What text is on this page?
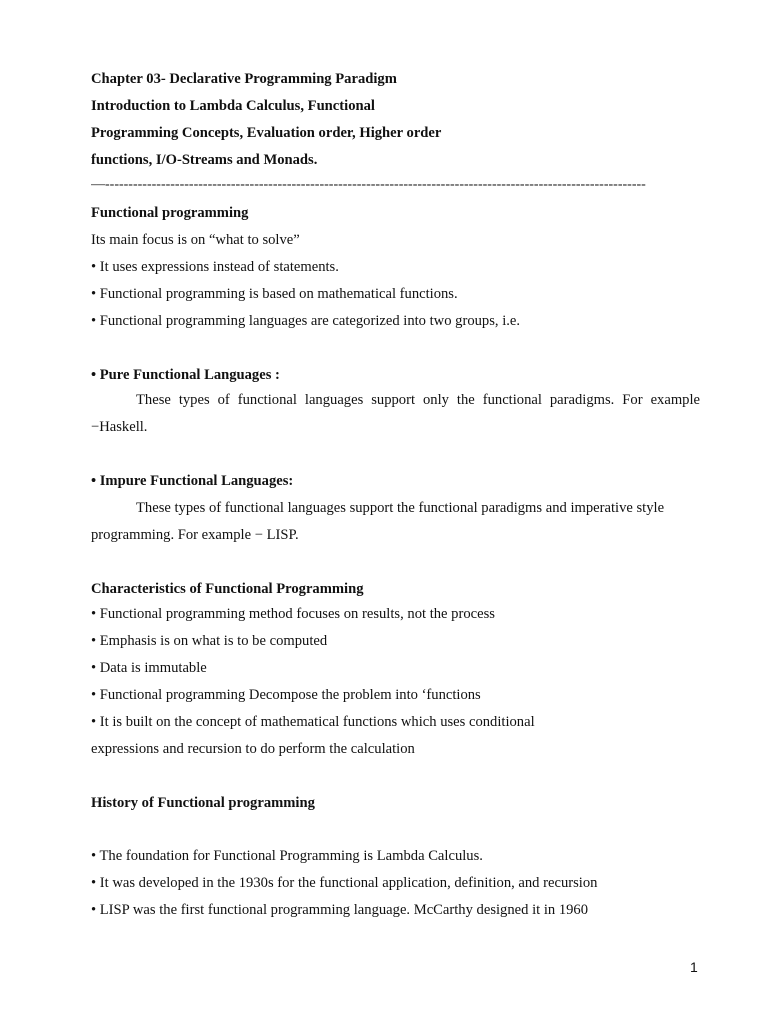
Chapter 03- Declarative Programming Paradigm
Introduction to Lambda Calculus, Functional
Programming Concepts, Evaluation order, Higher order
functions, I/O-Streams and Monads.
—--------------------------------------------------------------------------------------------------------------------
Functional programming
Its main focus is on “what to solve”
• It uses expressions instead of statements.
• Functional programming is based on mathematical functions.
• Functional programming languages are categorized into two groups, i.e.
• Pure Functional Languages :
These types of functional languages support only the functional paradigms. For example
−Haskell.
• Impure Functional Languages:
These types of functional languages support the functional paradigms and imperative style
programming. For example − LISP.
Characteristics of Functional Programming
• Functional programming method focuses on results, not the process
• Emphasis is on what is to be computed
• Data is immutable
• Functional programming Decompose the problem into ‘functions
• It is built on the concept of mathematical functions which uses conditional
expressions and recursion to do perform the calculation
History of Functional programming
• The foundation for Functional Programming is Lambda Calculus.
• It was developed in the 1930s for the functional application, definition, and recursion
• LISP was the first functional programming language. McCarthy designed it in 1960
1
